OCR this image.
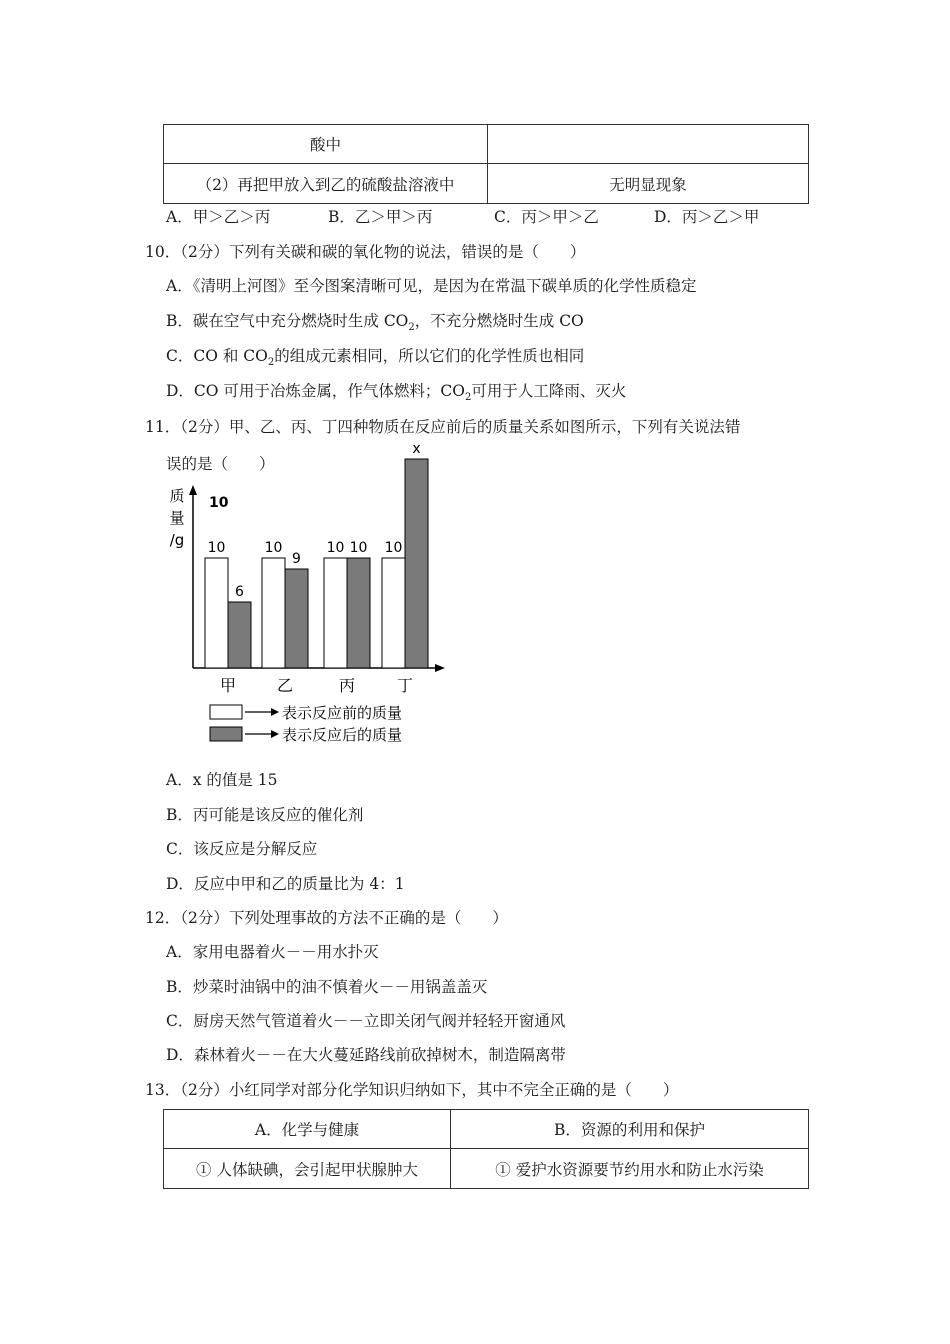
酸中	
（2）再把甲放入到乙的硫酸盐溶液中	无明显现象
A．甲＞乙＞丙	B．乙＞甲＞丙	C．丙＞甲＞乙	D．丙＞乙＞甲
10．（2分）下列有关碳和碳的氧化物的说法，错误的是（　　）
A．《清明上河图》至今图案清晰可见，是因为在常温下碳单质的化学性质稳定
B．碳在空气中充分燃烧时生成 $CO_2$，不充分燃烧时生成 CO
C．CO 和 $CO_2$的组成元素相同，所以它们的化学性质也相同
D．CO 可用于冶炼金属，作气体燃料；$CO_2$可用于人工降雨、灭火
11．（2分）甲、乙、丙、丁四种物质在反应前后的质量关系如图所示，下列有关说法错
误的是（　　）
质
量
/g
10
10
6
甲
10
9
乙
10 10
丙
10
x
丁
表示反应前的质量
表示反应后的质量
A．x 的值是 15
B．丙可能是该反应的催化剂
C．该反应是分解反应
D．反应中甲和乙的质量比为 4：1
12．（2分）下列处理事故的方法不正确的是（　　）
A．家用电器着火－－用水扑灭
B．炒菜时油锅中的油不慎着火－－用锅盖盖灭
C．厨房天然气管道着火－－立即关闭气阀并轻轻开窗通风
D．森林着火－－在大火蔓延路线前砍掉树木，制造隔离带
13．（2分）小红同学对部分化学知识归纳如下，其中不完全正确的是（　　）
A．化学与健康	B．资源的利用和保护
① 人体缺碘，会引起甲状腺肿大	① 爱护水资源要节约用水和防止水污染
